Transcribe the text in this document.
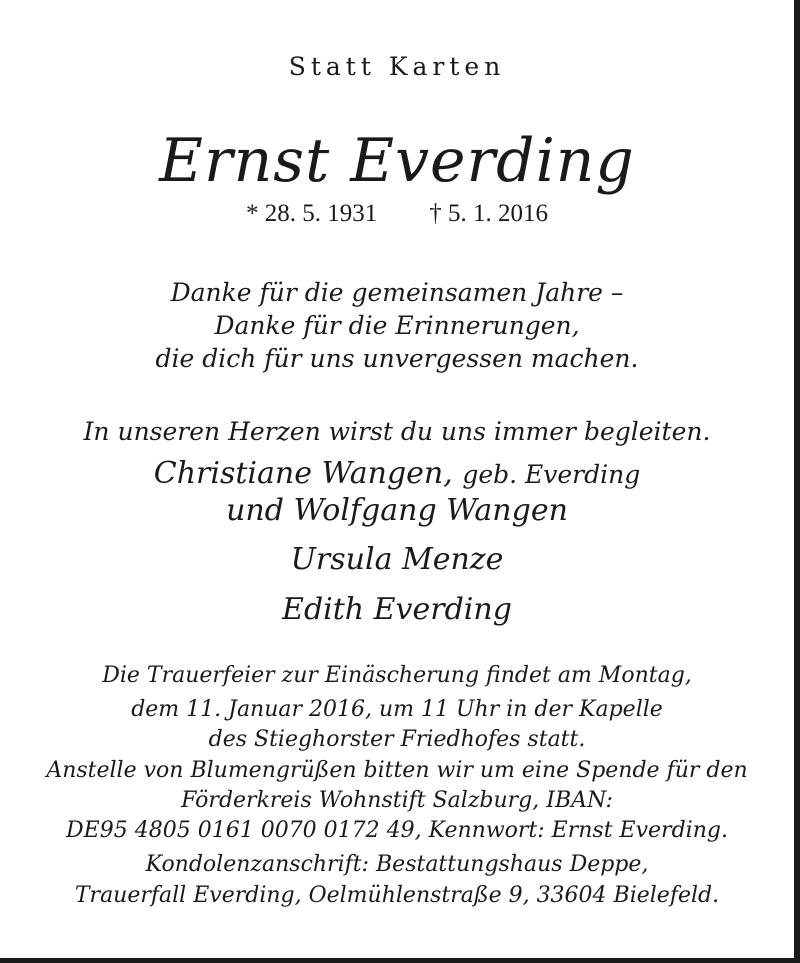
Statt Karten
Ernst Everding
* 28. 5. 1931 † 5. 1. 2016
Danke für die gemeinsamen Jahre –
Danke für die Erinnerungen,
die dich für uns unvergessen machen.
In unseren Herzen wirst du uns immer begleiten.
Christiane Wangen, geb. Everding
und Wolfgang Wangen
Ursula Menze
Edith Everding
Die Trauerfeier zur Einäscherung findet am Montag,
dem 11. Januar 2016, um 11 Uhr in der Kapelle
des Stieghorster Friedhofes statt.
Anstelle von Blumengrüßen bitten wir um eine Spende für den
Förderkreis Wohnstift Salzburg, IBAN:
DE95 4805 0161 0070 0172 49, Kennwort: Ernst Everding.
Kondolenzanschrift: Bestattungshaus Deppe,
Trauerfall Everding, Oelmühlenstraße 9, 33604 Bielefeld.
